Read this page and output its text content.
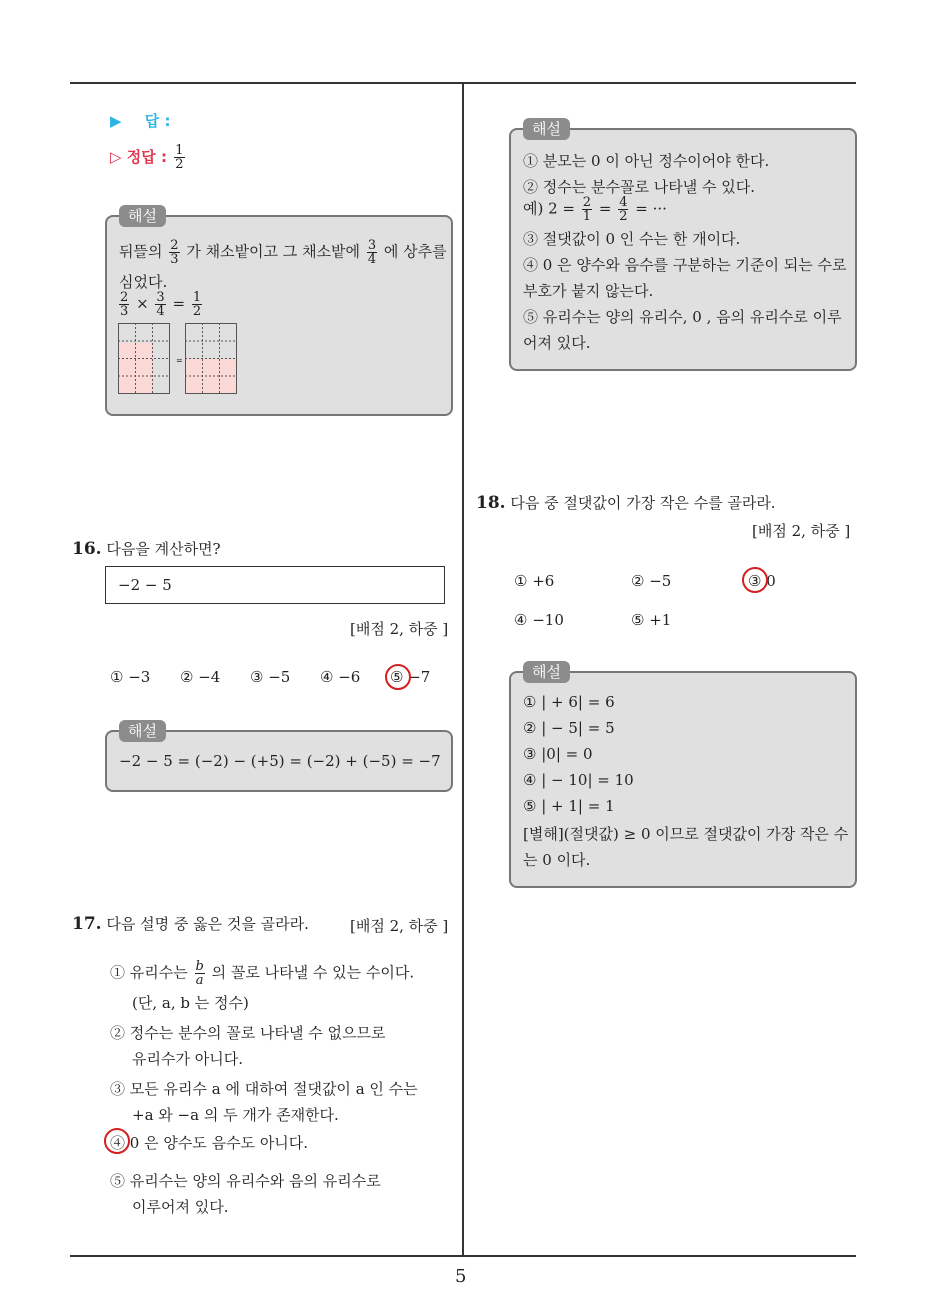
5
▶ 답 :
▷ 정답 : $\frac{1}{2}$
해설
뒤뜰의 $\frac{2}{3}$ 가 채소밭이고 그 채소밭에 $\frac{3}{4}$ 에 상추를
심었다.
$\frac{2}{3} \times \frac{3}{4} = \frac{1}{2}$
=
16. 다음을 계산하면?
−2 − 5
[배점 2, 하중 ]
① −3 ② −4 ③ −5 ④ −6 ⑤ −7
해설
−2 − 5 = (−2) − (+5) = (−2) + (−5) = −7
17. 다음 설명 중 옳은 것을 골라라.	[배점 2, 하중 ]
① 유리수는 $\frac{b}{a}$ 의 꼴로 나타낼 수 있는 수이다.
(단, a, b 는 정수)
② 정수는 분수의 꼴로 나타낼 수 없으므로
유리수가 아니다.
③ 모든 유리수 a 에 대하여 절댓값이 a 인 수는
+a 와 −a 의 두 개가 존재한다.
④ 0 은 양수도 음수도 아니다.
⑤ 유리수는 양의 유리수와 음의 유리수로
이루어져 있다.
해설
① 분모는 0 이 아닌 정수이어야 한다.
② 정수는 분수꼴로 나타낼 수 있다.
예) $2 = \frac{2}{1} = \frac{4}{2}$ = ···
③ 절댓값이 0 인 수는 한 개이다.
④ 0 은 양수와 음수를 구분하는 기준이 되는 수로
부호가 붙지 않는다.
⑤ 유리수는 양의 유리수, 0 , 음의 유리수로 이루
어져 있다.
18. 다음 중 절댓값이 가장 작은 수를 골라라.
[배점 2, 하중 ]
① +6	② −5	③ 0
④ −10	⑤ +1
해설
① | + 6| = 6
② | − 5| = 5
③ |0| = 0
④ | − 10| = 10
⑤ | + 1| = 1
[별해](절댓값) ≥ 0 이므로 절댓값이 가장 작은 수
는 0 이다.
